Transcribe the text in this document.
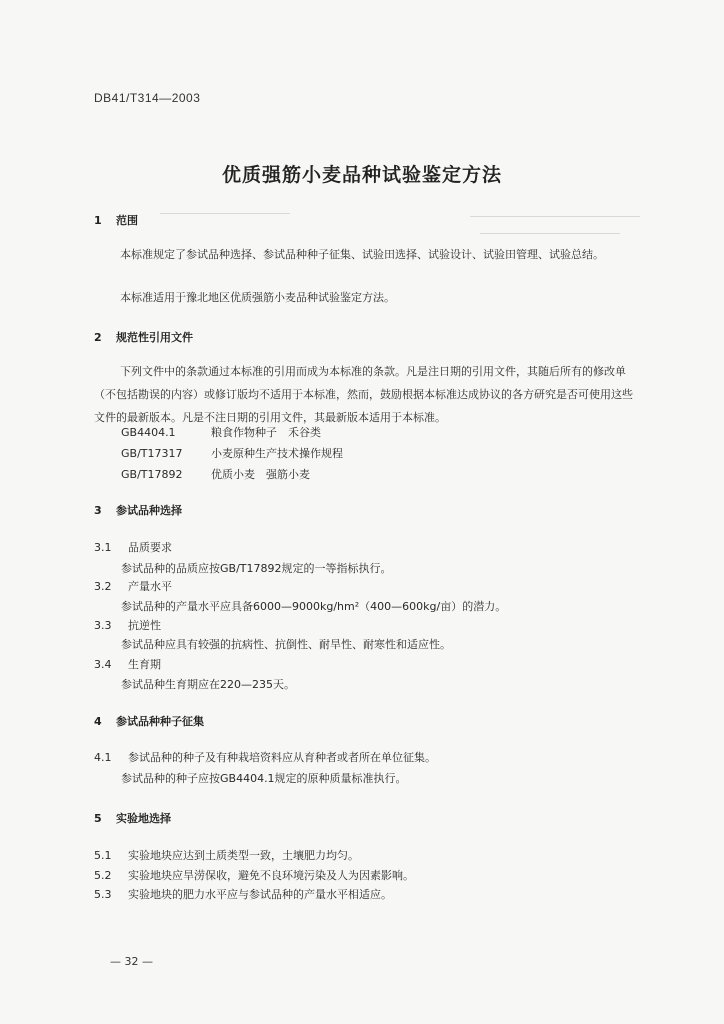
DB41/T314—2003
优质强筋小麦品种试验鉴定方法
1 范围
本标准规定了参试品种选择、参试品种种子征集、试验田选择、试验设计、试验田管理、试验总结。
本标准适用于豫北地区优质强筋小麦品种试验鉴定方法。
2 规范性引用文件
下列文件中的条款通过本标准的引用而成为本标准的条款。凡是注日期的引用文件，其随后所有的修改单（不包括勘误的内容）或修订版均不适用于本标准，然而，鼓励根据本标准达成协议的各方研究是否可使用这些文件的最新版本。凡是不注日期的引用文件，其最新版本适用于本标准。
GB4404.1	粮食作物种子　禾谷类
GB/T17317	小麦原种生产技术操作规程
GB/T17892	优质小麦　强筋小麦
3 参试品种选择
3.1 品质要求
参试品种的品质应按GB/T17892规定的一等指标执行。
3.2 产量水平
参试品种的产量水平应具备6000—9000kg/hm²（400—600kg/亩）的潜力。
3.3 抗逆性
参试品种应具有较强的抗病性、抗倒性、耐旱性、耐寒性和适应性。
3.4 生育期
参试品种生育期应在220—235天。
4 参试品种种子征集
4.1 参试品种的种子及有种栽培资料应从育种者或者所在单位征集。
参试品种的种子应按GB4404.1规定的原种质量标准执行。
5 实验地选择
5.1 实验地块应达到土质类型一致，土壤肥力均匀。
5.2 实验地块应旱涝保收，避免不良环境污染及人为因素影响。
5.3 实验地块的肥力水平应与参试品种的产量水平相适应。
— 32 —
